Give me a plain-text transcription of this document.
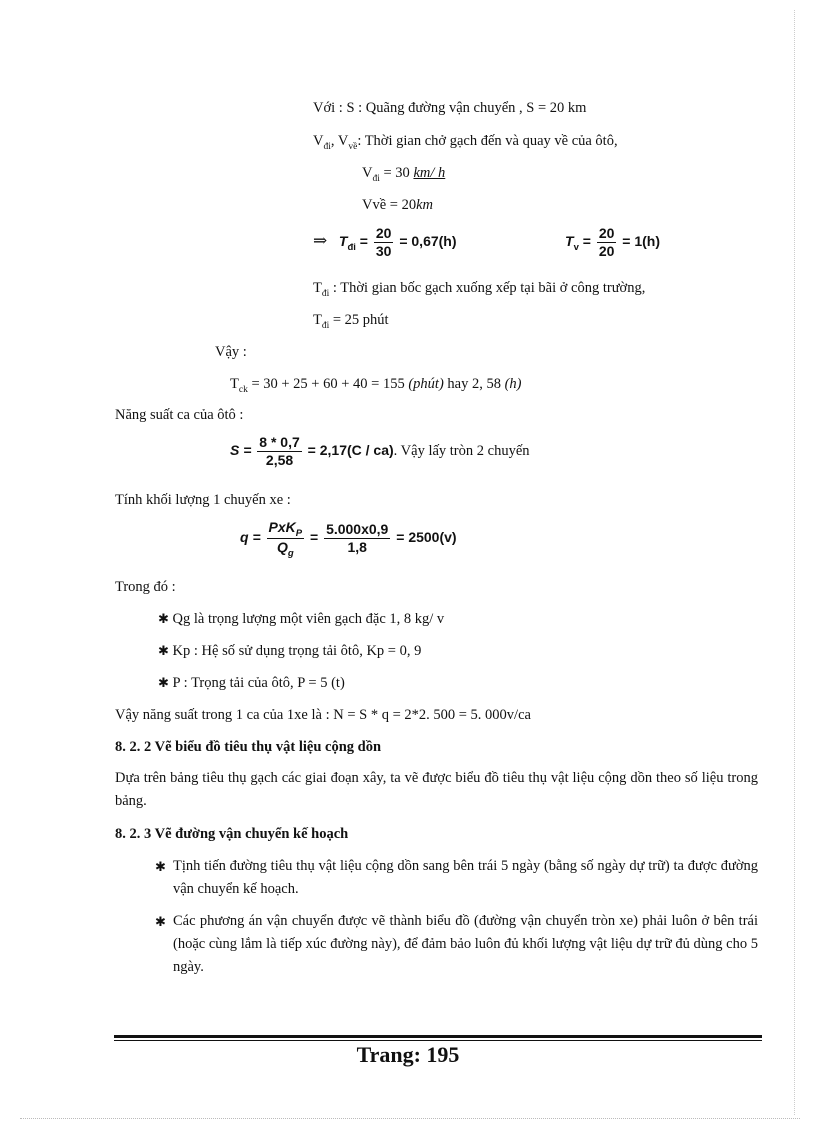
Với : S : Quãng đường vận chuyển , S = 20 km
$V_{đi}$, $V_{về}$: Thời gian chở gạch đến và quay về của ôtô,
$V_{đi} = 30$ km/ h
Vvề = 20km
⇒ $T_{đi} = \frac{20}{30} = 0,67(h)$	$T_v = \frac{20}{20} = 1(h)$
$T_{đi}$ : Thời gian bốc gạch xuống xếp tại bãi ở công trường,
$T_{đi} = 25$ phút
Vậy :
$T_{ck} = 30 + 25 + 60 + 40 = 155$ (phút) hay 2, 58 (h)
Năng suất ca của ôtô :
$S = \frac{8 * 0,7}{2,58} = 2,17(C / ca)$. Vậy lấy tròn 2 chuyến
Tính khối lượng 1 chuyến xe :
$q = \frac{PxK_P}{Q_g} = \frac{5.000x0,9}{1,8} = 2500(v)$
Trong đó :
✱ Qg là trọng lượng một viên gạch đặc 1, 8 kg/ v
✱ Kp : Hệ số sử dụng trọng tải ôtô, Kp = 0, 9
✱ P : Trọng tải của ôtô, P = 5 (t)
Vậy năng suất trong 1 ca của 1xe là : N = S * q = 2*2. 500 = 5. 000v/ca
8. 2. 2 Vẽ biểu đồ tiêu thụ vật liệu cộng dồn
Dựa trên bảng tiêu thụ gạch các giai đoạn xây, ta vẽ được biểu đồ tiêu thụ vật liệu cộng dồn theo số liệu trong bảng.
8. 2. 3 Vẽ đường vận chuyển kế hoạch
✱ Tịnh tiến đường tiêu thụ vật liệu cộng dồn sang bên trái 5 ngày (bằng số ngày dự trữ) ta được đường vận chuyển kế hoạch.
✱ Các phương án vận chuyển được vẽ thành biểu đồ (đường vận chuyển tròn xe) phải luôn ở bên trái (hoặc cùng lắm là tiếp xúc đường này), để đảm bảo luôn đủ khối lượng vật liệu dự trữ đủ dùng cho 5 ngày.
Trang: 195
